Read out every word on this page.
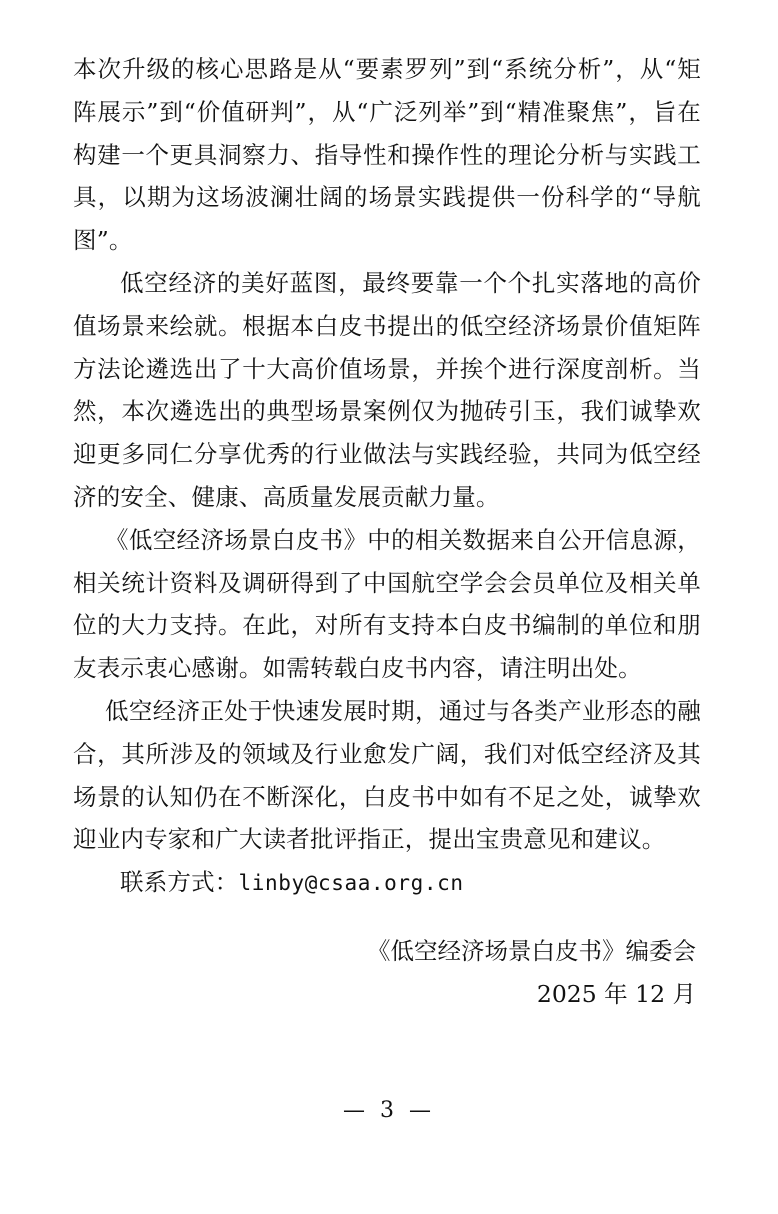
本次升级的核心思路是从“要素罗列”到“系统分析”，从“矩阵展示”到“价值研判”，从“广泛列举”到“精准聚焦”，旨在构建一个更具洞察力、指导性和操作性的理论分析与实践工具，以期为这场波澜壮阔的场景实践提供一份科学的“导航图”。

低空经济的美好蓝图，最终要靠一个个扎实落地的高价值场景来绘就。根据本白皮书提出的低空经济场景价值矩阵方法论遴选出了十大高价值场景，并挨个进行深度剖析。当然，本次遴选出的典型场景案例仅为抛砖引玉，我们诚挚欢迎更多同仁分享优秀的行业做法与实践经验，共同为低空经济的安全、健康、高质量发展贡献力量。

《低空经济场景白皮书》中的相关数据来自公开信息源，相关统计资料及调研得到了中国航空学会会员单位及相关单位的大力支持。在此，对所有支持本白皮书编制的单位和朋友表示衷心感谢。如需转载白皮书内容，请注明出处。

低空经济正处于快速发展时期，通过与各类产业形态的融合，其所涉及的领域及行业愈发广阔，我们对低空经济及其场景的认知仍在不断深化，白皮书中如有不足之处，诚挚欢迎业内专家和广大读者批评指正，提出宝贵意见和建议。

联系方式：linby@csaa.org.cn

《低空经济场景白皮书》编委会
2025 年 12 月
— 3 —
